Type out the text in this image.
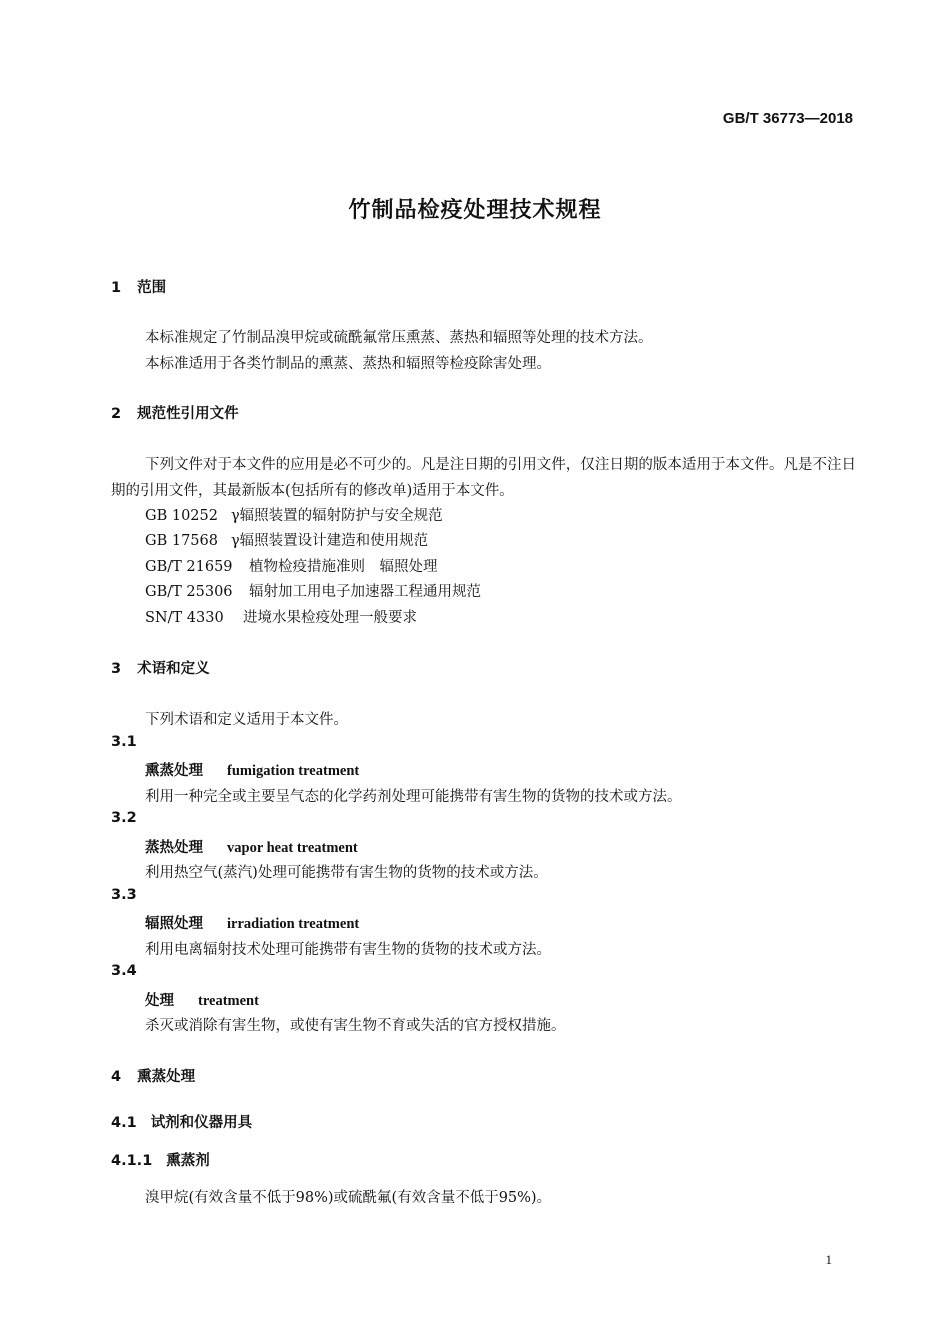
GB/T 36773—2018
竹制品检疫处理技术规程
1 范围
本标准规定了竹制品溴甲烷或硫酰氟常压熏蒸、蒸热和辐照等处理的技术方法。
本标准适用于各类竹制品的熏蒸、蒸热和辐照等检疫除害处理。
2 规范性引用文件
下列文件对于本文件的应用是必不可少的。凡是注日期的引用文件，仅注日期的版本适用于本文件。凡是不注日期的引用文件，其最新版本(包括所有的修改单)适用于本文件。
GB 10252 γ辐照装置的辐射防护与安全规范
GB 17568 γ辐照装置设计建造和使用规范
GB/T 21659 植物检疫措施准则　辐照处理
GB/T 25306 辐射加工用电子加速器工程通用规范
SN/T 4330 进境水果检疫处理一般要求
3 术语和定义
下列术语和定义适用于本文件。
3.1
熏蒸处理 fumigation treatment
利用一种完全或主要呈气态的化学药剂处理可能携带有害生物的货物的技术或方法。
3.2
蒸热处理 vapor heat treatment
利用热空气(蒸汽)处理可能携带有害生物的货物的技术或方法。
3.3
辐照处理 irradiation treatment
利用电离辐射技术处理可能携带有害生物的货物的技术或方法。
3.4
处理 treatment
杀灭或消除有害生物，或使有害生物不育或失活的官方授权措施。
4 熏蒸处理
4.1 试剂和仪器用具
4.1.1 熏蒸剂
溴甲烷(有效含量不低于98%)或硫酰氟(有效含量不低于95%)。
1
